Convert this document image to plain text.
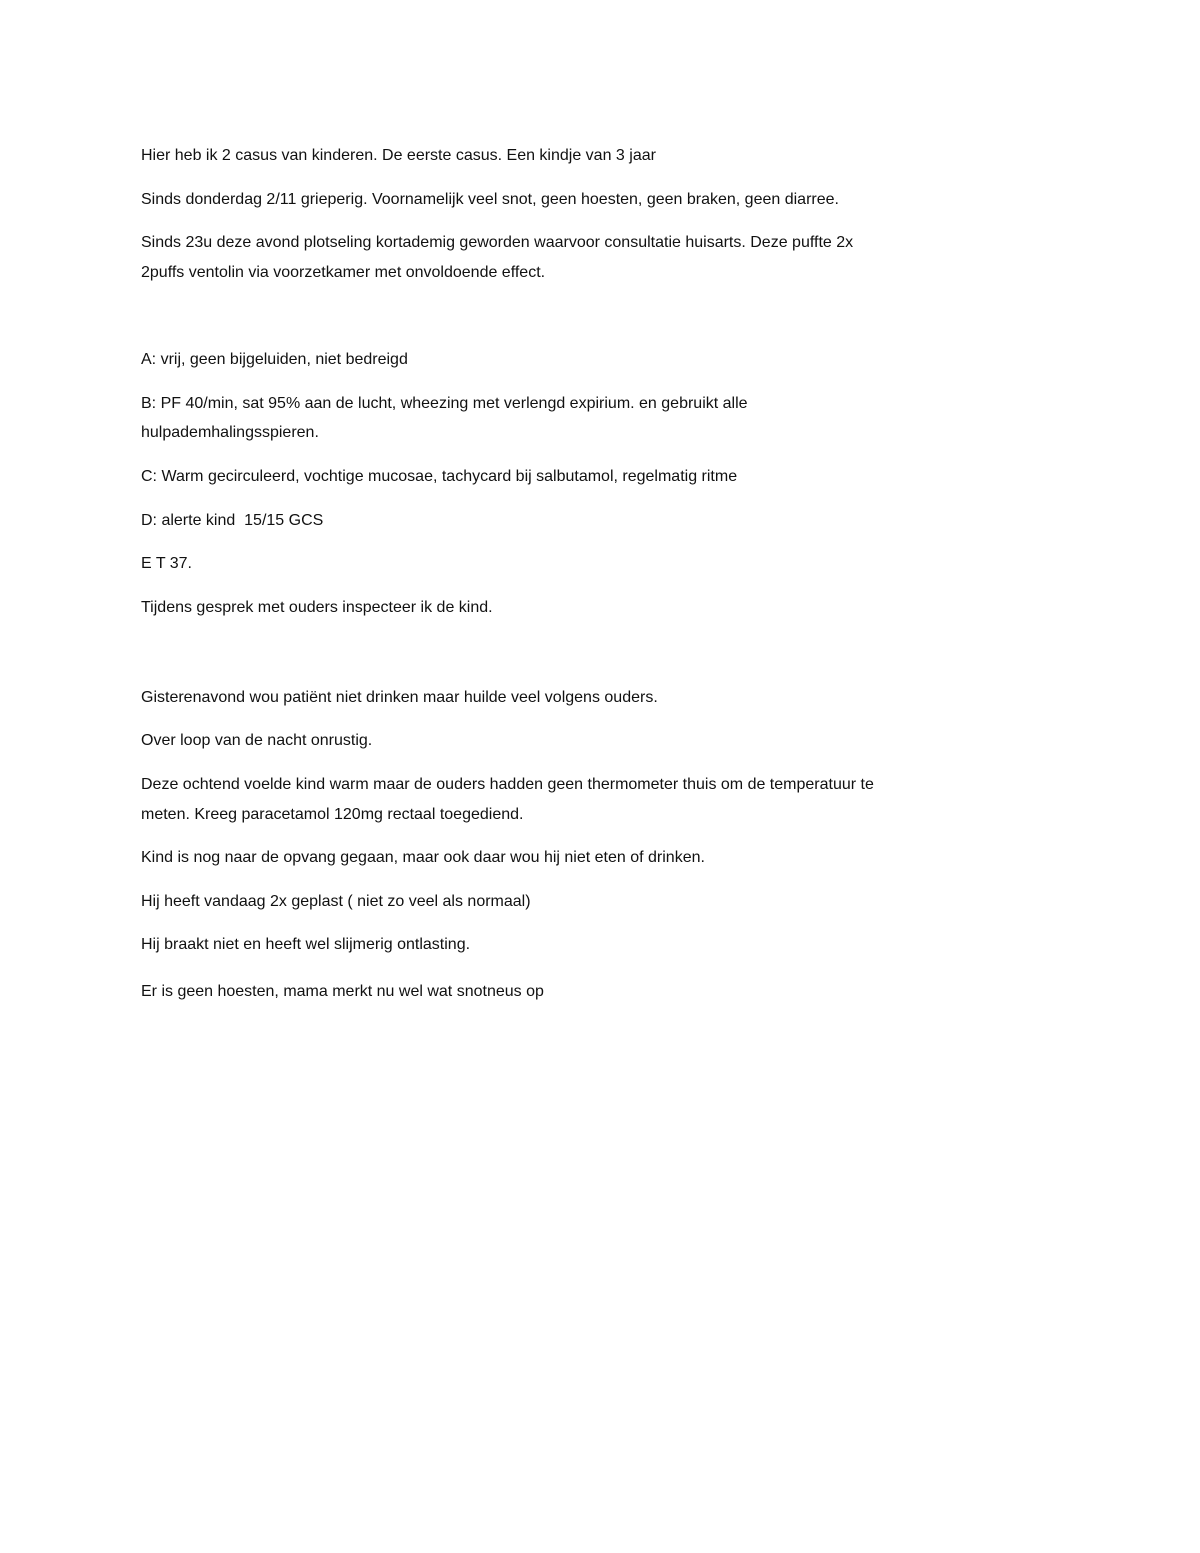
Hier heb ik 2 casus van kinderen. De eerste casus. Een kindje van 3 jaar
Sinds donderdag 2/11 grieperig. Voornamelijk veel snot, geen hoesten, geen braken, geen diarree.
Sinds 23u deze avond plotseling kortademig geworden waarvoor consultatie huisarts. Deze puffte 2x
2puffs ventolin via voorzetkamer met onvoldoende effect.
A: vrij, geen bijgeluiden, niet bedreigd
B: PF 40/min, sat 95% aan de lucht, wheezing met verlengd expirium. en gebruikt alle
hulpademhalingsspieren.
C: Warm gecirculeerd, vochtige mucosae, tachycard bij salbutamol, regelmatig ritme
D: alerte kind  15/15 GCS
E T 37.
Tijdens gesprek met ouders inspecteer ik de kind.
Gisterenavond wou patiënt niet drinken maar huilde veel volgens ouders.
Over loop van de nacht onrustig.
Deze ochtend voelde kind warm maar de ouders hadden geen thermometer thuis om de temperatuur te
meten. Kreeg paracetamol 120mg rectaal toegediend.
Kind is nog naar de opvang gegaan, maar ook daar wou hij niet eten of drinken.
Hij heeft vandaag 2x geplast ( niet zo veel als normaal)
Hij braakt niet en heeft wel slijmerig ontlasting.
Er is geen hoesten, mama merkt nu wel wat snotneus op
